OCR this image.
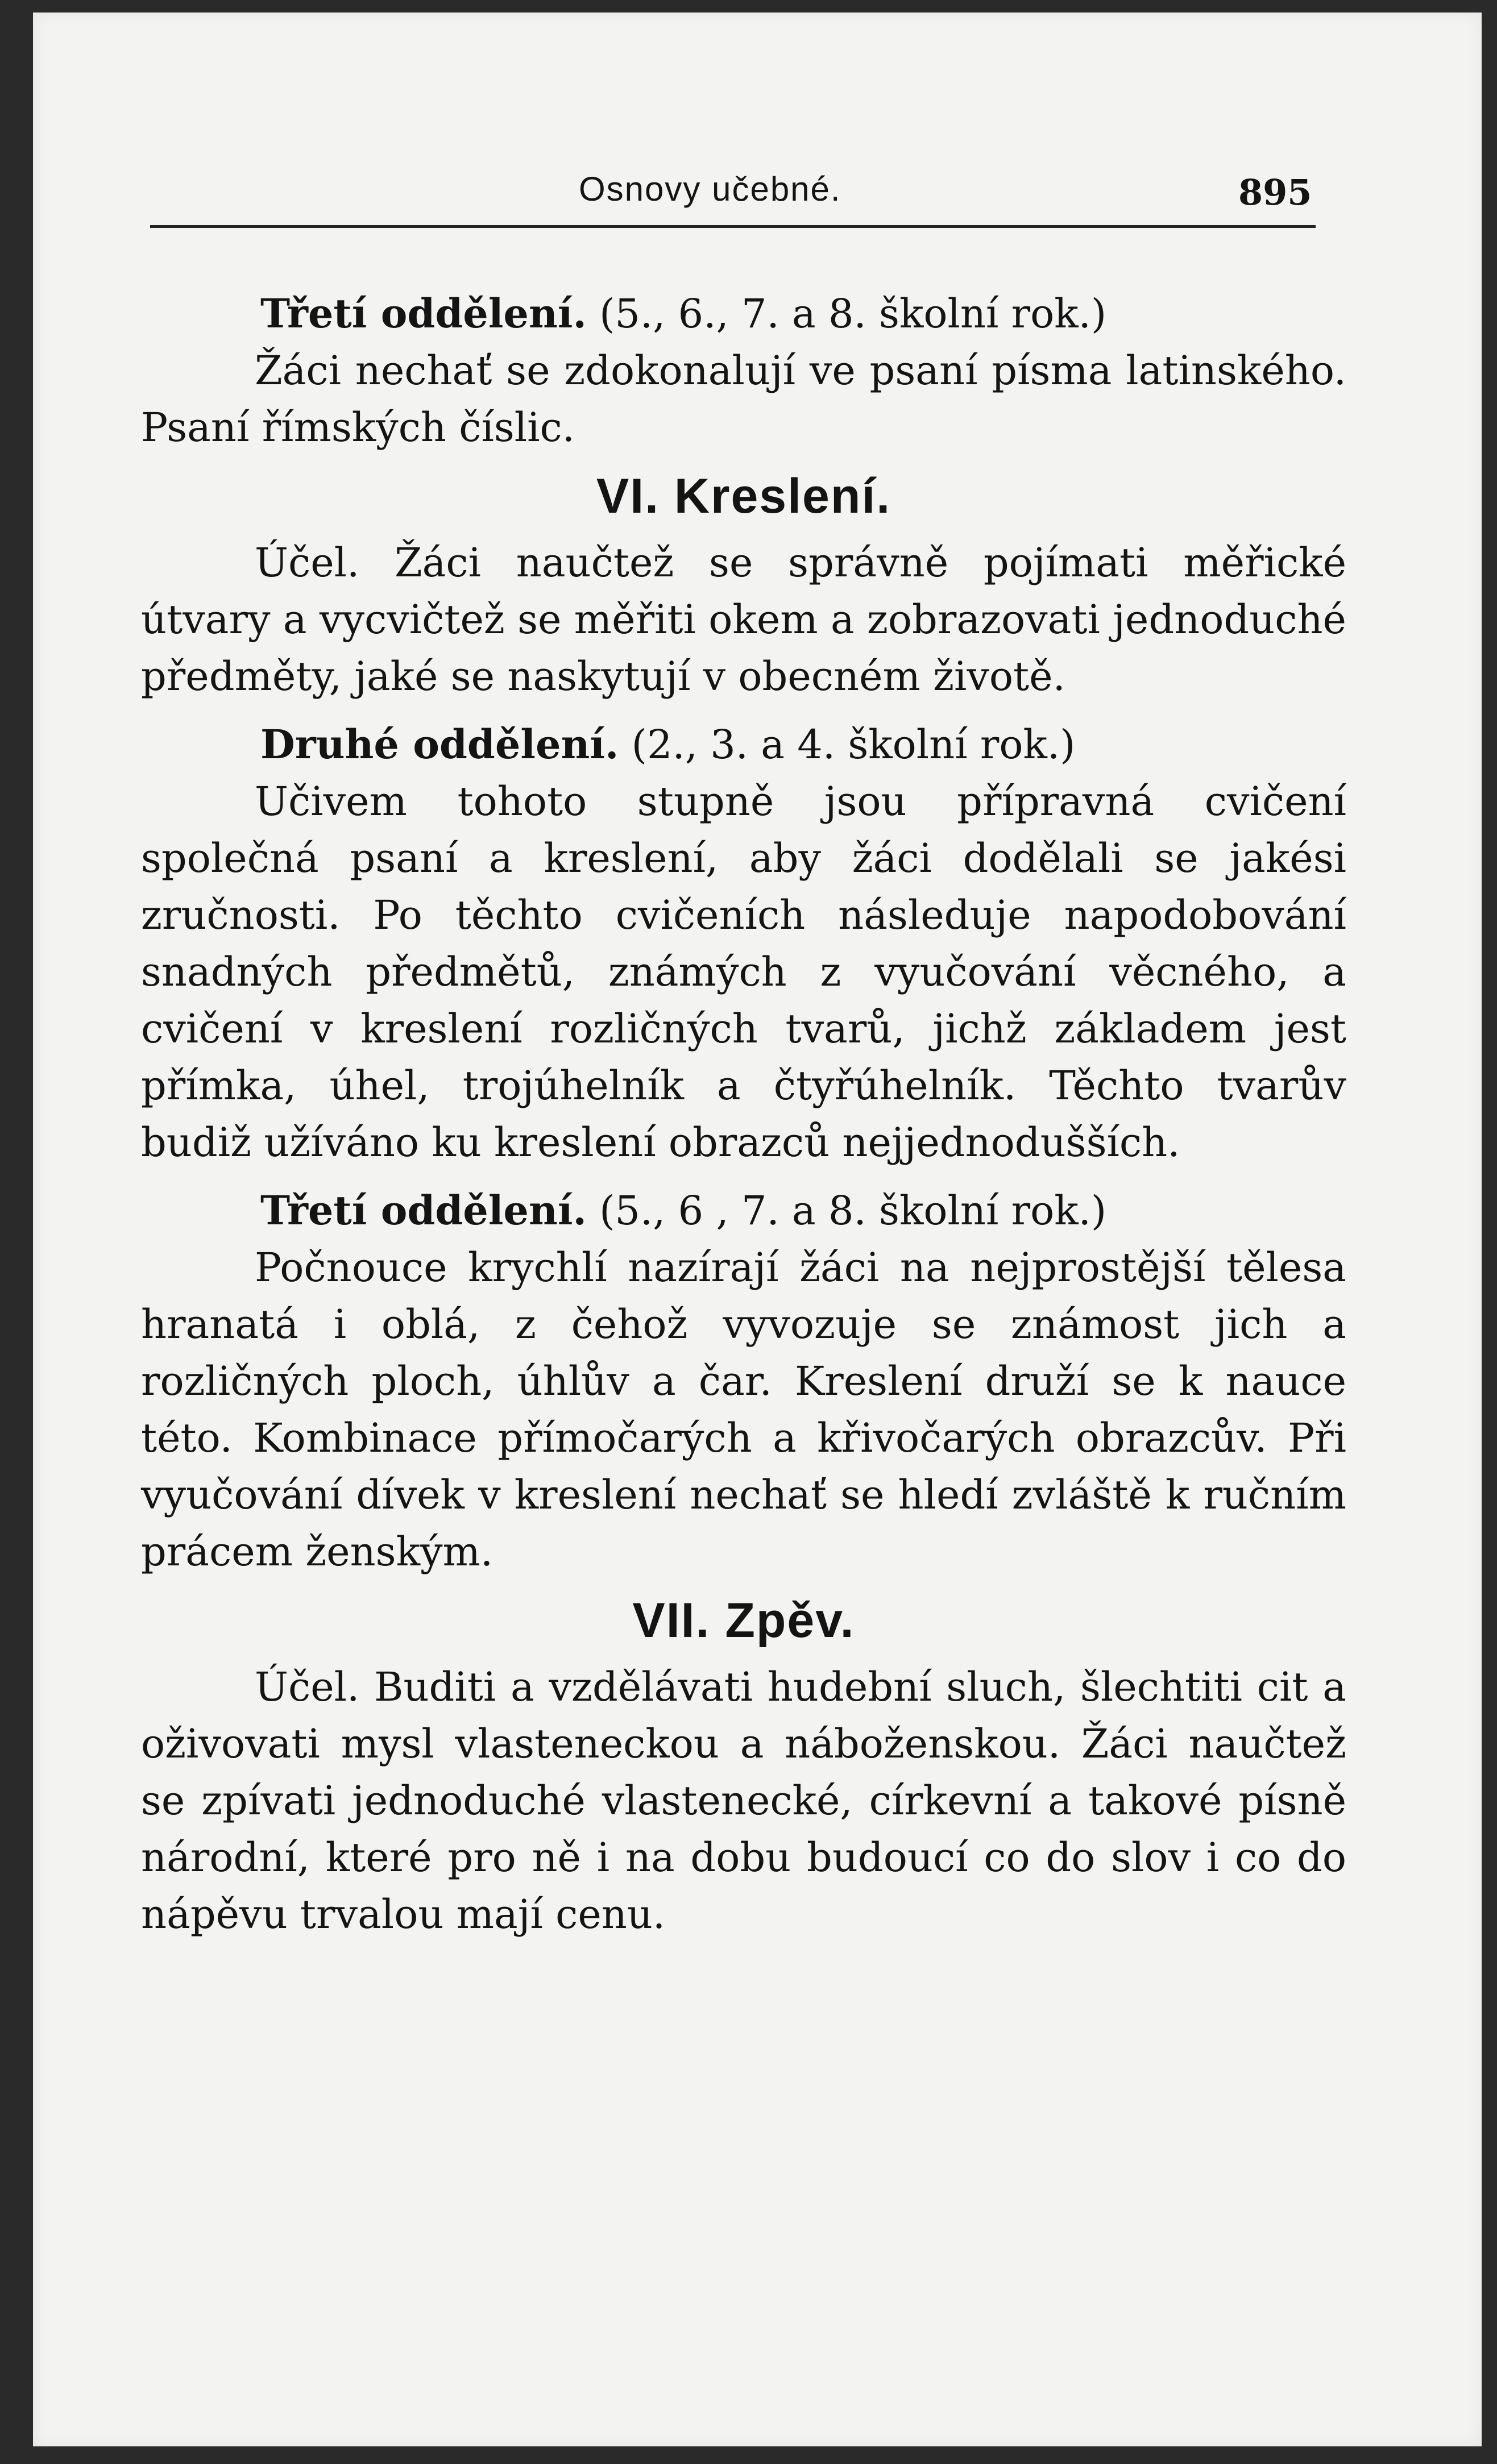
Osnovy učebné.	895

Třetí oddělení. (5., 6., 7. a 8. školní rok.)

Žáci nechať se zdokonalují ve psaní písma latinského. Psaní římských číslic.

VI. Kreslení.

Účel. Žáci naučtež se správně pojímati měřické útvary a vycvičtež se měřiti okem a zobrazovati jednoduché předměty, jaké se naskytují v obecném životě.

Druhé oddělení. (2., 3. a 4. školní rok.)

Učivem tohoto stupně jsou přípravná cvičení společná psaní a kreslení, aby žáci dodělali se jakési zručnosti. Po těchto cvičeních následuje napodobování snadných předmětů, známých z vyučování věcného, a cvičení v kreslení rozličných tvarů, jichž základem jest přímka, úhel, trojúhelník a čtyřúhelník. Těchto tvarův budiž užíváno ku kreslení obrazců nejjednodušších.

Třetí oddělení. (5., 6 , 7. a 8. školní rok.)

Počnouce krychlí nazírají žáci na nejprostější tělesa hranatá i oblá, z čehož vyvozuje se známost jich a rozličných ploch, úhlův a čar. Kreslení druží se k nauce této. Kombinace přímočarých a křivočarých obrazcův. Při vyučování dívek v kreslení nechať se hledí zvláště k ručním prácem ženským.

VII. Zpěv.

Účel. Buditi a vzdělávati hudební sluch, šlechtiti cit a oživovati mysl vlasteneckou a náboženskou. Žáci naučtež se zpívati jednoduché vlastenecké, církevní a takové písně národní, které pro ně i na dobu budoucí co do slov i co do nápěvu trvalou mají cenu.
